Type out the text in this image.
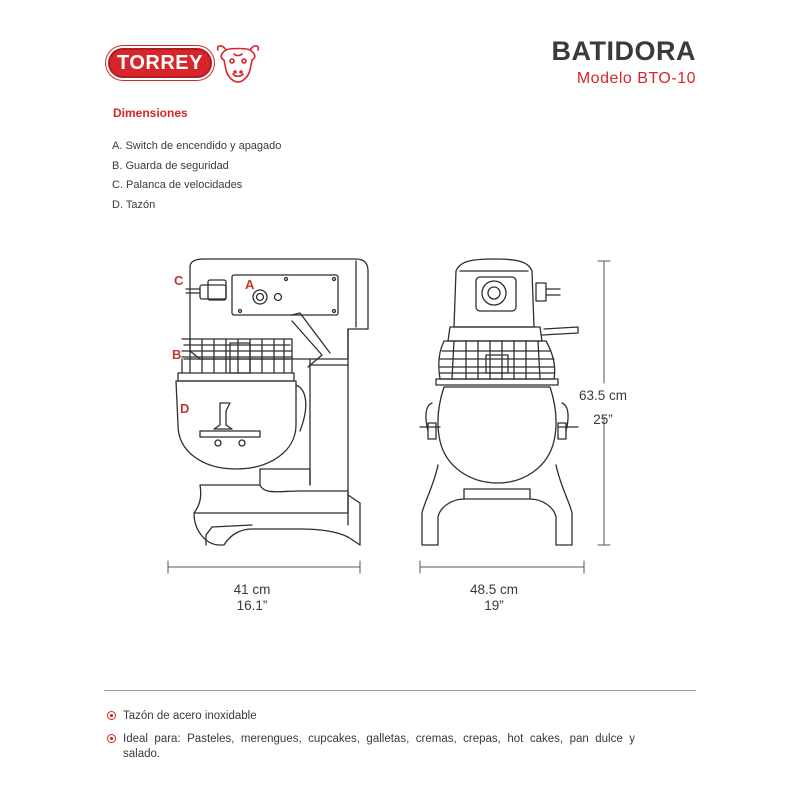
TORREY	BATIDORA
Modelo BTO-10
Dimensiones
A. Switch de encendido y apagado
B. Guarda de seguridad
C. Palanca de velocidades
D. Tazón
C	A
B
D
41 cm
16.1”
48.5 cm
19”
63.5 cm
25”
Tazón de acero inoxidable
Ideal para: Pasteles, merengues, cupcakes, galletas, cremas, crepas, hot cakes, pan dulce y salado.
